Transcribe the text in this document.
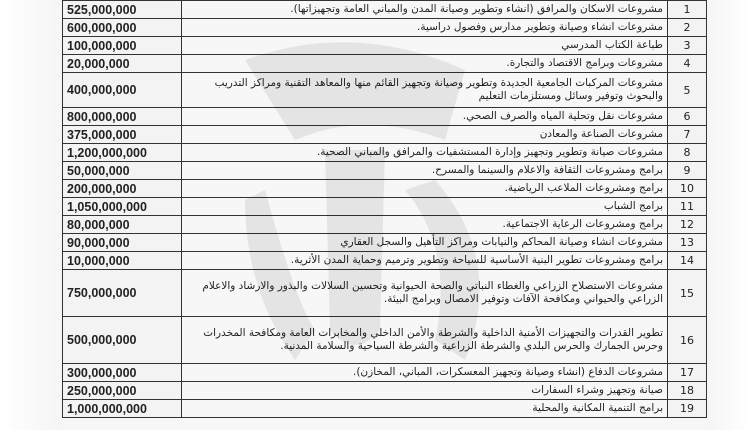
1	مشروعات الاسكان والمرافق (انشاء وتطوير وصيانة المدن والمباني العامة وتجهيزاتها).	525,000,000
2	مشروعات انشاء وصيانة وتطوير مدارس وفصول دراسية.	600,000,000
3	طباعة الكتاب المدرسي	100,000,000
4	مشروعات وبرامج الاقتصاد والتجارة.	20,000,000
5	مشروعات المركبات الجامعية الجديدة وتطوير وصيانة وتجهيز القائم منها والمعاهد التقنية ومراكز التدريب والبحوث وتوفير وسائل ومستلزمات التعليم	400,000,000
6	مشروعات نقل وتحلية المياه والصرف الصحي.	800,000,000
7	مشروعات الصناعة والمعادن	375,000,000
8	مشروعات صيانة وتطوير وتجهيز وإدارة المستشفيات والمرافق والمباني الصحية.	1,200,000,000
9	برامج ومشروعات الثقافة والاعلام والسينما والمسرح.	50,000,000
10	برامج ومشروعات الملاعب الرياضية.	200,000,000
11	برامج الشباب	1,050,000,000
12	برامج ومشروعات الرعاية الاجتماعية.	80,000,000
13	مشروعات انشاء وصيانة المحاكم والنيابات ومراكز التأهيل والسجل العقاري	90,000,000
14	برامج ومشروعات تطوير البنية الأساسية للسياحة وتطوير وترميم وحماية المدن الأثرية.	10,000,000
15	مشروعات الاستصلاح الزراعي والغطاء النباتي والصحة الحيوانية وتحسين السلالات والبذور والارشاد والاعلام الزراعي والحيواني ومكافحة الآفات وتوفير الامصال وبرامج البيئة.	750,000,000
16	تطوير القدرات والتجهيزات الأمنية الداخلية والشرطة والأمن الداخلي والمخابرات العامة ومكافحة المخدرات وحرس الجمارك والحرس البلدي والشرطة الزراعية والشرطة السياحية والسلامة المدنية.	500,000,000
17	مشروعات الدفاع (انشاء وصيانة وتجهيز المعسكرات، المباني، المخازن).	300,000,000
18	صيانة وتجهيز وشراء السفارات	250,000,000
19	برامج التنمية المكانية والمحلية	1,000,000,000
